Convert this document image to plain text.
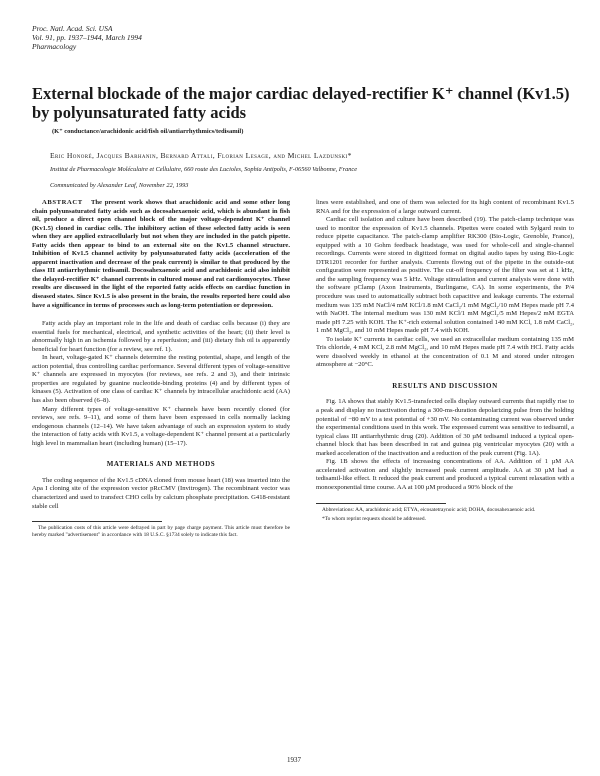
Proc. Natl. Acad. Sci. USA
Vol. 91, pp. 1937–1944, March 1994
Pharmacology
External blockade of the major cardiac delayed-rectifier K⁺ channel (Kv1.5) by polyunsaturated fatty acids
(K⁺ conductance/arachidonic acid/fish oil/antiarrhythmics/tedisamil)
Eric Honoré, Jacques Barhanin, Bernard Attali, Florian Lesage, and Michel Lazdunski*
Institut de Pharmacologie Moléculaire et Cellulaire, 660 route des Lucioles, Sophia Antipolis, F-06560 Valbonne, France
Communicated by Alexander Leaf, November 22, 1993

ABSTRACT The present work shows that arachidonic acid and some other long chain polyunsaturated fatty acids such as docosahexaenoic acid, which is abundant in fish oil, produce a direct open channel block of the major voltage-dependent K⁺ channel (Kv1.5) cloned in cardiac cells. The inhibitory action of these selected fatty acids is seen when they are applied extracellularly but not when they are included in the patch pipette. Fatty acids then appear to bind to an external site on the Kv1.5 channel structure. Inhibition of Kv1.5 channel activity by polyunsaturated fatty acids (acceleration of the apparent inactivation and decrease of the peak current) is similar to that produced by the class III antiarrhythmic tedisamil. Docosahexaenoic acid and arachidonic acid also inhibit the delayed-rectifier K⁺ channel currents in cultured mouse and rat cardiomyocytes. These results are discussed in the light of the reported fatty acids effects on cardiac function in diseased states. Since Kv1.5 is also present in the brain, the results reported here could also have a significance in terms of processes such as long-term potentiation or depression.

Fatty acids play an important role in the life and death of cardiac cells because (i) they are essential fuels for mechanical, electrical, and synthetic activities of the heart; (ii) their level is abnormally high in an ischemia followed by a reperfusion; and (iii) dietary fish oil is apparently beneficial for heart function (for a review, see ref. 1).

In heart, voltage-gated K⁺ channels determine the resting potential, shape, and length of the action potential, thus controlling cardiac performance. Several different types of voltage-sensitive K⁺ channels are expressed in myocytes (for reviews, see refs. 2 and 3), and their intrinsic properties are regulated by guanine nucleotide-binding proteins (4) and by different types of kinases (5). Activation of one class of cardiac K⁺ channels by intracellular arachidonic acid (AA) has also been observed (6–8).

Many different types of voltage-sensitive K⁺ channels have been recently cloned (for reviews, see refs. 9–11), and some of them have been expressed in cells normally lacking endogenous channels (12–14). We have taken advantage of such an expression system to study the interaction of fatty acids with Kv1.5, a voltage-dependent K⁺ channel present at a particularly high level in mammalian heart (including human) (15–17).

MATERIALS AND METHODS

The coding sequence of the Kv1.5 cDNA cloned from mouse heart (18) was inserted into the Apa I cloning site of the expression vector pRcCMV (Invitrogen). The recombinant vector was characterized and used to transfect CHO cells by calcium phosphate precipitation. G418-resistant stable cell

The publication costs of this article were defrayed in part by page charge payment. This article must therefore be hereby marked "advertisement" in accordance with 18 U.S.C. §1734 solely to indicate this fact.

lines were established, and one of them was selected for its high content of recombinant Kv1.5 RNA and for the expression of a large outward current.

Cardiac cell isolation and culture have been described (19). The patch-clamp technique was used to monitor the expression of Kv1.5 channels. Pipettes were coated with Sylgard resin to reduce pipette capacitance. The patch-clamp amplifier RK300 (Bio-Logic, Grenoble, France), equipped with a 10 Gohm feedback headstage, was used for whole-cell and single-channel recordings. Currents were stored in digitized format on digital audio tapes by using Bio-Logic DTR1201 recorder for further analysis. Currents flowing out of the pipette in the outside-out configuration were represented as positive. The cut-off frequency of the filter was set at 1 kHz, and the sampling frequency was 5 kHz. Voltage stimulation and current analysis were done with the software pClamp (Axon Instruments, Burlingame, CA). In some experiments, the P/4 procedure was used to automatically subtract both capacitive and leakage currents. The external medium was 135 mM NaCl/4 mM KCl/1.8 mM CaCl₂/1 mM MgCl₂/10 mM Hepes made pH 7.4 with NaOH. The internal medium was 130 mM KCl/1 mM MgCl₂/5 mM Hepes/2 mM EGTA made pH 7.25 with KOH. The K⁺-rich external solution contained 140 mM KCl, 1.8 mM CaCl₂, 1 mM MgCl₂, and 10 mM Hepes made pH 7.4 with KOH.

To isolate K⁺ currents in cardiac cells, we used an extracellular medium containing 135 mM Tris chloride, 4 mM KCl, 2.8 mM MgCl₂, and 10 mM Hepes made pH 7.4 with HCl. Fatty acids were dissolved weekly in ethanol at the concentration of 0.1 M and stored under nitrogen atmosphere at −20°C.

RESULTS AND DISCUSSION

Fig. 1A shows that stably Kv1.5-transfected cells display outward currents that rapidly rise to a peak and display no inactivation during a 300-ms-duration depolarizing pulse from the holding potential of −80 mV to a test potential of +30 mV. No contaminating current was observed under the experimental conditions used in this work. The expressed current was sensitive to tedisamil, a typical class III antiarrhythmic drug (20). Addition of 30 µM tedisamil induced a typical open-channel block that has been described in rat and guinea pig ventricular myocytes (20) with a marked acceleration of the inactivation and a reduction of the peak current (Fig. 1A).

Fig. 1B shows the effects of increasing concentrations of AA. Addition of 1 µM AA accelerated activation and slightly increased peak current amplitude. AA at 30 µM had a tedisamil-like effect. It reduced the peak current and produced a typical current relaxation with a monoexponential time course. AA at 100 µM produced a 90% block of the

Abbreviations: AA, arachidonic acid; ETYA, eicosatetraynoic acid; DOHA, docosahexaenoic acid.

*To whom reprint requests should be addressed.

1937
